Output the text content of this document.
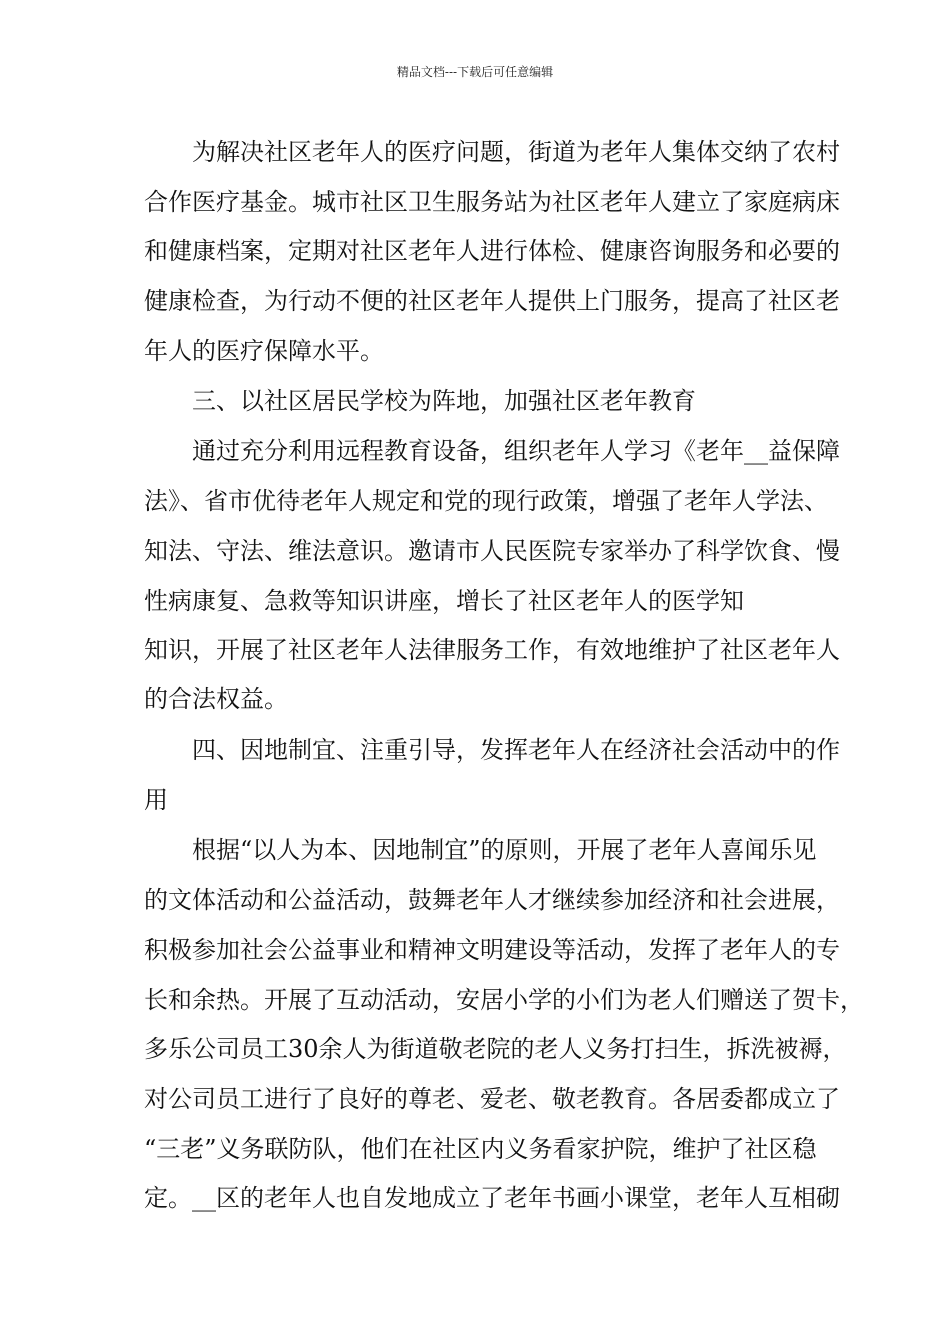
精品文档---下载后可任意编辑
为解决社区老年人的医疗问题，街道为老年人集体交纳了农村
合作医疗基金。城市社区卫生服务站为社区老年人建立了家庭病床
和健康档案，定期对社区老年人进行体检、健康咨询服务和必要的
健康检查，为行动不便的社区老年人提供上门服务，提高了社区老
年人的医疗保障水平。
三、以社区居民学校为阵地，加强社区老年教育
通过充分利用远程教育设备，组织老年人学习《老年__益保障
法》、省市优待老年人规定和党的现行政策，增强了老年人学法、
知法、守法、维法意识。邀请市人民医院专家举办了科学饮食、慢
性病康复、急救等知识讲座，增长了社区老年人的医学知
知识，开展了社区老年人法律服务工作，有效地维护了社区老年人
的合法权益。
四、因地制宜、注重引导，发挥老年人在经济社会活动中的作
用
根据“以人为本、因地制宜”的原则，开展了老年人喜闻乐见
的文体活动和公益活动，鼓舞老年人才继续参加经济和社会进展，
积极参加社会公益事业和精神文明建设等活动，发挥了老年人的专
长和余热。开展了互动活动，安居小学的小们为老人们赠送了贺卡，
多乐公司员工30余人为街道敬老院的老人义务打扫生，拆洗被褥，
对公司员工进行了良好的尊老、爱老、敬老教育。各居委都成立了
“三老”义务联防队，他们在社区内义务看家护院，维护了社区稳
定。__区的老年人也自发地成立了老年书画小课堂，老年人互相砌
